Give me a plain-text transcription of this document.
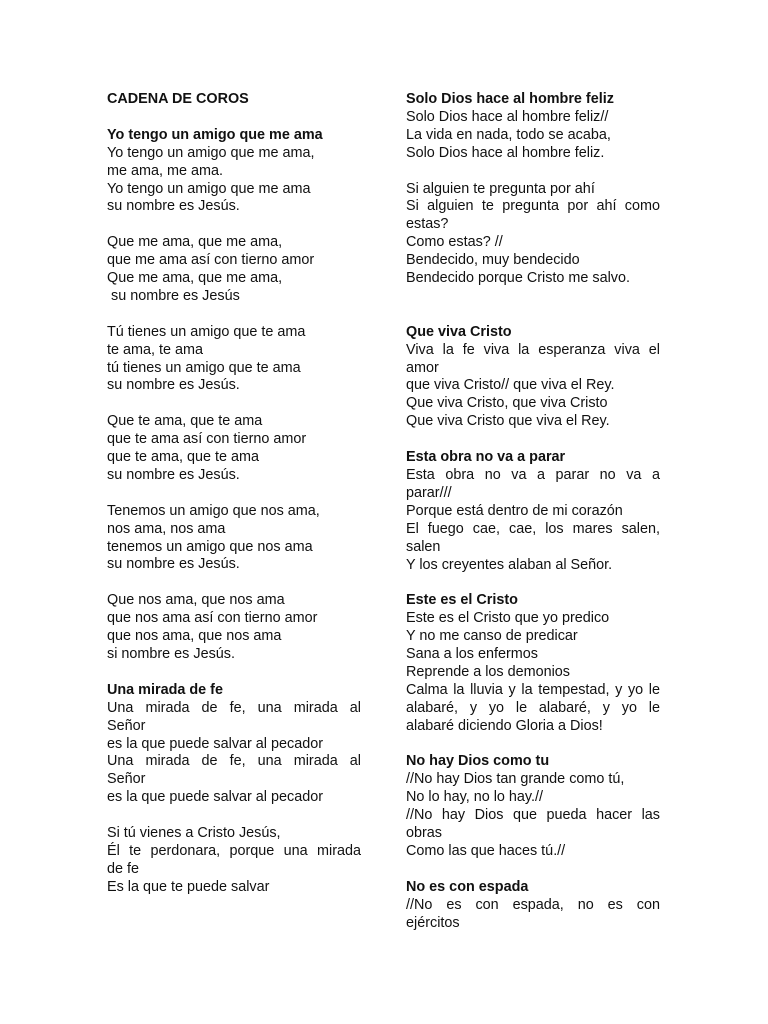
CADENA DE COROS
Yo tengo un amigo que me ama
Yo tengo un amigo que me ama,
me ama, me ama.
Yo tengo un amigo que me ama
su nombre es Jesús.
Que me ama, que me ama,
que me ama así con tierno amor
Que me ama, que me ama,
su nombre es Jesús
Tú tienes un amigo que te ama
te ama, te ama
tú tienes un amigo que te ama
su nombre es Jesús.
Que te ama, que te ama
que te ama así con tierno amor
que te ama, que te ama
su nombre es Jesús.
Tenemos un amigo que nos ama,
nos ama, nos ama
tenemos un amigo que nos ama
su nombre es Jesús.
Que nos ama, que nos ama
que nos ama así con tierno amor
que nos ama, que nos ama
si nombre es Jesús.
Una mirada de fe
Una mirada de fe, una mirada al
Señor
es la que puede salvar al pecador
Una mirada de fe, una mirada al
Señor
es la que puede salvar al pecador
Si tú vienes a Cristo Jesús,
Él te perdonara, porque una mirada
de fe
Es la que te puede salvar
Solo Dios hace al hombre feliz
Solo Dios hace al hombre feliz//
La vida en nada, todo se acaba,
Solo Dios hace al hombre feliz.
Si alguien te pregunta por ahí
Si alguien te pregunta por ahí como
estas?
Como estas? //
Bendecido, muy bendecido
Bendecido porque Cristo me salvo.
Que viva Cristo
Viva la fe viva la esperanza viva el
amor
que viva Cristo// que viva el Rey.
Que viva Cristo, que viva Cristo
Que viva Cristo que viva el Rey.
Esta obra no va a parar
Esta obra no va a parar no va a
parar///
Porque está dentro de mi corazón
El fuego cae, cae, los mares salen,
salen
Y los creyentes alaban al Señor.
Este es el Cristo
Este es el Cristo que yo predico
Y no me canso de predicar
Sana a los enfermos
Reprende a los demonios
Calma la lluvia y la tempestad, y yo le
alabaré, y yo le alabaré, y yo le
alabaré diciendo Gloria a Dios!
No hay Dios como tu
//No hay Dios tan grande como tú,
No lo hay, no lo hay.//
//No hay Dios que pueda hacer las
obras
Como las que haces tú.//
No es con espada
//No es con espada, no es con
ejércitos
